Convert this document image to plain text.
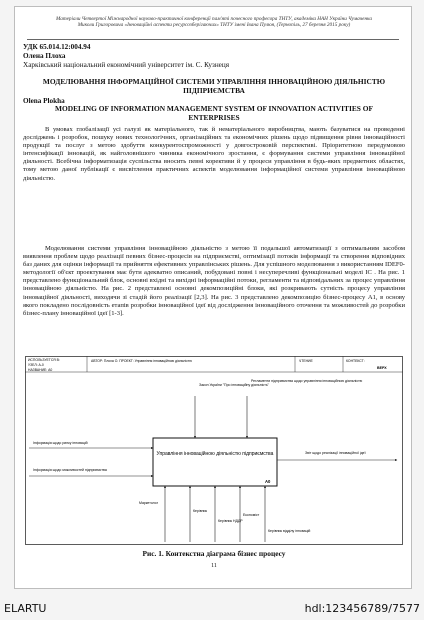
Матеріали Четвертої Міжнародної науково-практичної конференції пам'яті почесного професора ТНТУ, академіка НАН України Чумаченка Миколи Григоровича «Інноваційні аспекти ресурсозберігаючих» ТНТУ імені Івана Пулюя, (Тернопіль, 27 березня 2015 року)
УДК 65.014.12:004.94
Олена Плоха
Харківський національний економічний університет ім. С. Кузнеця
МОДЕЛЮВАННЯ ІНФОРМАЦІЙНОЇ СИСТЕМИ УПРАВЛІННЯ ІННОВАЦІЙНОЮ ДІЯЛЬНІСТЮ ПІДПРИЄМСТВА
Olena Plokha
MODELING OF INFORMATION MANAGEMENT SYSTEM OF INNOVATION ACTIVITIES OF ENTERPRISES

В умовах глобалізації усі галузі як матеріального, так й нематеріального виробництва, мають базуватися на проведенні досліджень і розробок, пошуку нових технологічних, організаційних та економічних рішень щодо підвищення рівня інноваційності продукції та послуг з метою здобуття конкурентоспроможності у довгостроковій перспективі. Пріоритетною передумовою інтенсифікації інновацій, як найголовнішого чинника економічного зростання, є формування системи управління інноваційної діяльності. Всебічна інформатизація суспільства вносить певні корективи й у процеси управління в будь-яких предметних областях, тому метою даної публікації є висвітлення практичних аспектів моделювання інформаційної системи управління інноваційною діяльністю.

Моделювання системи управління інноваційною діяльністю з метою її подальшої автоматизації з оптимальним засобом виявлення проблем щодо реалізації певних бізнес-процесів на підприємстві, оптимізації потоків інформації та створення відповідних баз даних для оцінки інформації та прийняття ефективних управлінських рішень. Для успішного моделювання з використанням IDEF0-методології об'єкт проектування має бути адекватно описаний, побудовані повні і несуперечливі функціональні моделі ІС . На рис. 1 представлено функціональний блок, основні вхідні та вихідні інформаційні потоки, регламенти та відповідальних за процес управління інноваційною діяльністю. На рис. 2 представлені основні декомпозиційні блоки, які розкривають сутність процесу управління інноваційної діяльності, виходячи зі стадій його реалізації [2,3]. На рис. 3 представлено декомпозицію бізнес-процесу А1, в основу якого покладено послідовність етапів розробки інноваційної ідеї від дослідження інноваційного оточення та можливостей до розробки бізнес-плану інноваційної ідеї [1-3].

ИСПОЛЬЗУЕТСЯ В:
УЗЕЛ: А-0
НАЗВАНИЕ: А0
АВТОР: Плоха О. ПРОЕКТ: Управління інноваційною діяльністю	ЧТЕНИЕ	КОНТЕКСТ:
ВЕРХ
Управління інноваційною діяльністю підприємства
А0
Закон України "Про інноваційну діяльність"
Регламенти підприємства щодо управління інноваційною діяльністю
Інформація щодо ринку інновацій
Інформація щодо можливостей підприємства
Звіт щодо реалізації інноваційної ідеї
Маркетолог
Керівник
Керівник НДДР
Економіст
Керівник відділу інновацій
Рис. 1. Контекстна діаграма бізнес процесу
11
ELARTU	hdl:123456789/7577
